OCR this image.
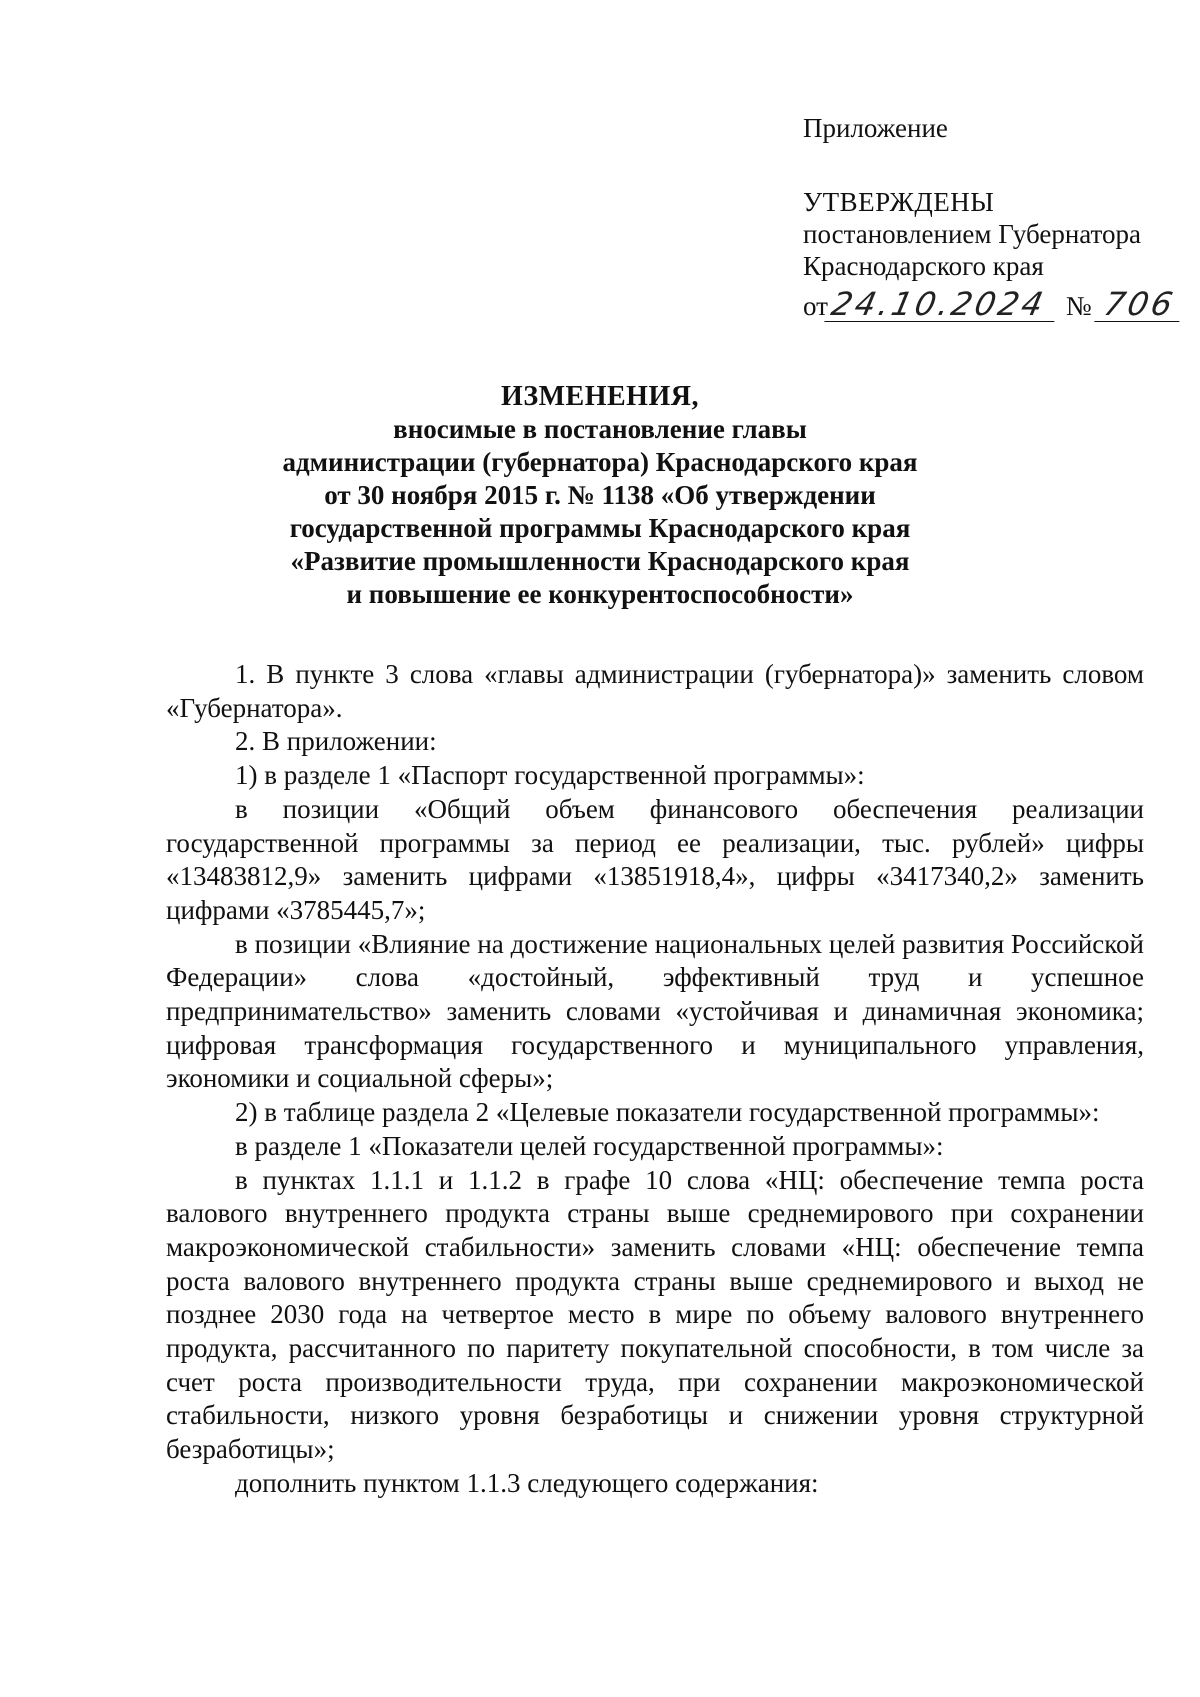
Приложение
УТВЕРЖДЕНЫ
постановлением Губернатора
Краснодарского края
от 24.10.2024 № 706
ИЗМЕНЕНИЯ,
вносимые в постановление главы
администрации (губернатора) Краснодарского края
от 30 ноября 2015 г. № 1138 «Об утверждении
государственной программы Краснодарского края
«Развитие промышленности Краснодарского края
и повышение ее конкурентоспособности»

1. В пункте 3 слова «главы администрации (губернатора)» заменить словом «Губернатора».

2. В приложении:

1) в разделе 1 «Паспорт государственной программы»:

в позиции «Общий объем финансового обеспечения реализации государственной программы за период ее реализации, тыс. рублей» цифры «13483812,9» заменить цифрами «13851918,4», цифры «3417340,2» заменить цифрами «3785445,7»;

в позиции «Влияние на достижение национальных целей развития Российской Федерации» слова «достойный, эффективный труд и успешное предпринимательство» заменить словами «устойчивая и динамичная экономика; цифровая трансформация государственного и муниципального управления, экономики и социальной сферы»;

2) в таблице раздела 2 «Целевые показатели государственной программы»:

в разделе 1 «Показатели целей государственной программы»:

в пунктах 1.1.1 и 1.1.2 в графе 10 слова «НЦ: обеспечение темпа роста валового внутреннего продукта страны выше среднемирового при сохранении макроэкономической стабильности» заменить словами «НЦ: обеспечение темпа роста валового внутреннего продукта страны выше среднемирового и выход не позднее 2030 года на четвертое место в мире по объему валового внутреннего продукта, рассчитанного по паритету покупательной способности, в том числе за счет роста производительности труда, при сохранении макроэкономической стабильности, низкого уровня безработицы и снижении уровня структурной безработицы»;

дополнить пунктом 1.1.3 следующего содержания:
